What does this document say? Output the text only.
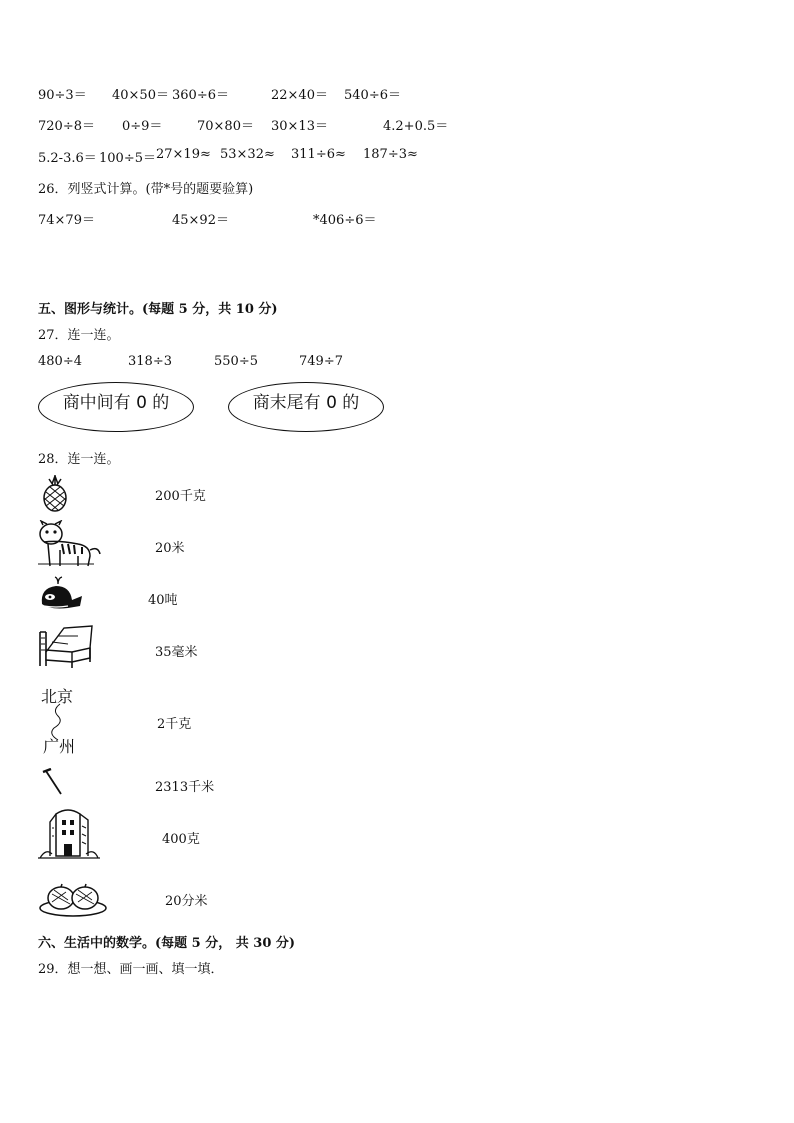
90÷3＝ 40×50＝ 360÷6＝	22×40＝ 540÷6＝
720÷8＝ 0÷9＝	70×80＝ 30×13＝	4.2+0.5＝
5.2-3.6＝ 100÷5＝ 27×19≈ 53×32≈ 311÷6≈ 187÷3≈
26．列竖式计算。(带*号的题要验算)
74×79＝	45×92＝	*406÷6＝
五、图形与统计。(每题 5 分，共 10 分)
27．连一连。
480÷4	318÷3	550÷5	749÷7
商中间有 0 的	商末尾有 0 的
28．连一连。
200千克
20米
40吨
35毫米
北京
广州
2千克
2313千米
400克
20分米
六、生活中的数学。(每题 5 分， 共 30 分)
29．想一想、画一画、填一填．
